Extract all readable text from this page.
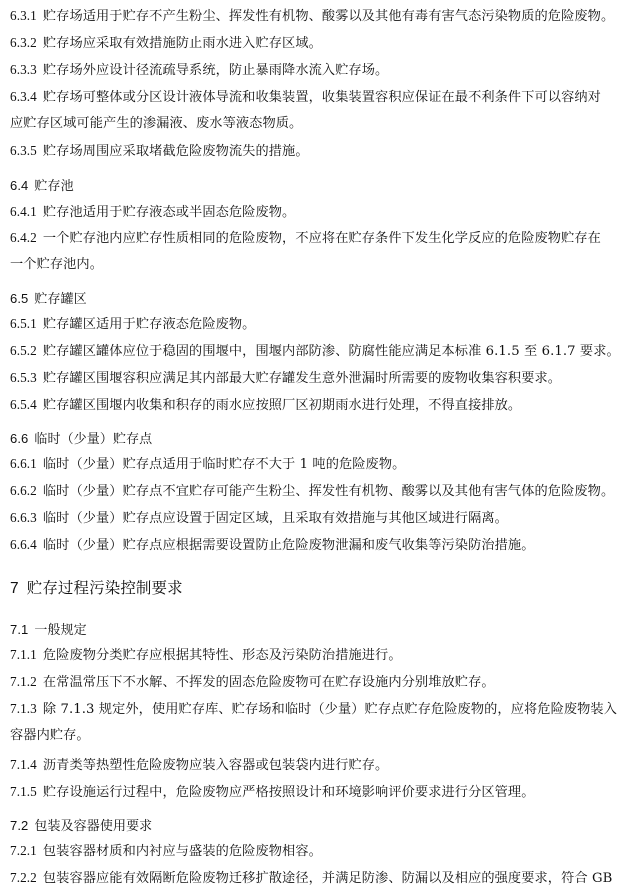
6.3.1 贮存场适用于贮存不产生粉尘、挥发性有机物、酸雾以及其他有毒有害气态污染物质的危险废物。
6.3.2 贮存场应采取有效措施防止雨水进入贮存区域。
6.3.3 贮存场外应设计径流疏导系统，防止暴雨降水流入贮存场。
6.3.4 贮存场可整体或分区设计液体导流和收集装置，收集装置容积应保证在最不利条件下可以容纳对
应贮存区域可能产生的渗漏液、废水等液态物质。
6.3.5 贮存场周围应采取堵截危险废物流失的措施。
6.4 贮存池
6.4.1 贮存池适用于贮存液态或半固态危险废物。
6.4.2 一个贮存池内应贮存性质相同的危险废物，不应将在贮存条件下发生化学反应的危险废物贮存在
一个贮存池内。
6.5 贮存罐区
6.5.1 贮存罐区适用于贮存液态危险废物。
6.5.2 贮存罐区罐体应位于稳固的围堰中，围堰内部防渗、防腐性能应满足本标准 6.1.5 至 6.1.7 要求。
6.5.3 贮存罐区围堰容积应满足其内部最大贮存罐发生意外泄漏时所需要的废物收集容积要求。
6.5.4 贮存罐区围堰内收集和积存的雨水应按照厂区初期雨水进行处理，不得直接排放。
6.6 临时（少量）贮存点
6.6.1 临时（少量）贮存点适用于临时贮存不大于 1 吨的危险废物。
6.6.2 临时（少量）贮存点不宜贮存可能产生粉尘、挥发性有机物、酸雾以及其他有害气体的危险废物。
6.6.3 临时（少量）贮存点应设置于固定区域，且采取有效措施与其他区域进行隔离。
6.6.4 临时（少量）贮存点应根据需要设置防止危险废物泄漏和废气收集等污染防治措施。
7 贮存过程污染控制要求
7.1 一般规定
7.1.1 危险废物分类贮存应根据其特性、形态及污染防治措施进行。
7.1.2 在常温常压下不水解、不挥发的固态危险废物可在贮存设施内分别堆放贮存。
7.1.3 除 7.1.3 规定外，使用贮存库、贮存场和临时（少量）贮存点贮存危险废物的，应将危险废物装入
容器内贮存。
7.1.4 沥青类等热塑性危险废物应装入容器或包装袋内进行贮存。
7.1.5 贮存设施运行过程中，危险废物应严格按照设计和环境影响评价要求进行分区管理。
7.2 包装及容器使用要求
7.2.1 包装容器材质和内衬应与盛装的危险废物相容。
7.2.2 包装容器应能有效隔断危险废物迁移扩散途径，并满足防渗、防漏以及相应的强度要求，符合 GB
